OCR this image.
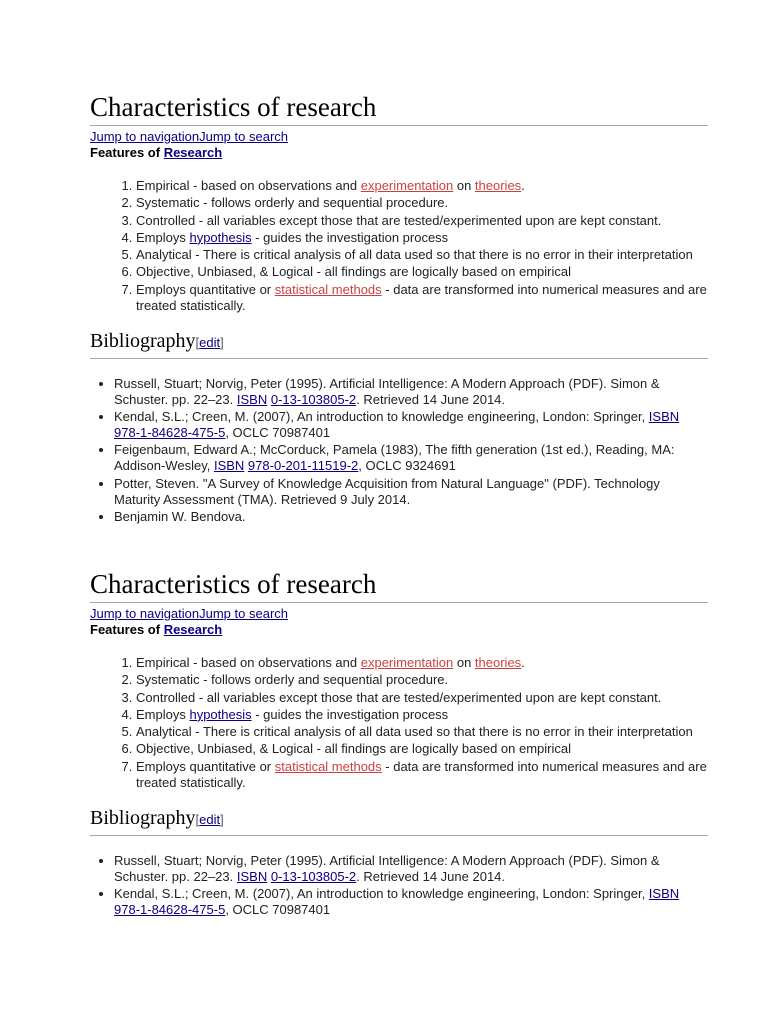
Characteristics of research
Jump to navigationJump to search
Features of Research
1. Empirical - based on observations and experimentation on theories.
2. Systematic - follows orderly and sequential procedure.
3. Controlled - all variables except those that are tested/experimented upon are kept constant.
4. Employs hypothesis - guides the investigation process
5. Analytical - There is critical analysis of all data used so that there is no error in their interpretation
6. Objective, Unbiased, & Logical - all findings are logically based on empirical
7. Employs quantitative or statistical methods - data are transformed into numerical measures and are treated statistically.
Bibliography[edit]
• Russell, Stuart; Norvig, Peter (1995). Artificial Intelligence: A Modern Approach (PDF). Simon & Schuster. pp. 22–23. ISBN 0-13-103805-2. Retrieved 14 June 2014.
• Kendal, S.L.; Creen, M. (2007), An introduction to knowledge engineering, London: Springer, ISBN 978-1-84628-475-5, OCLC 70987401
• Feigenbaum, Edward A.; McCorduck, Pamela (1983), The fifth generation (1st ed.), Reading, MA: Addison-Wesley, ISBN 978-0-201-11519-2, OCLC 9324691
• Potter, Steven. "A Survey of Knowledge Acquisition from Natural Language" (PDF). Technology Maturity Assessment (TMA). Retrieved 9 July 2014.
• Benjamin W. Bendova.
Characteristics of research
Jump to navigationJump to search
Features of Research
1. Empirical - based on observations and experimentation on theories.
2. Systematic - follows orderly and sequential procedure.
3. Controlled - all variables except those that are tested/experimented upon are kept constant.
4. Employs hypothesis - guides the investigation process
5. Analytical - There is critical analysis of all data used so that there is no error in their interpretation
6. Objective, Unbiased, & Logical - all findings are logically based on empirical
7. Employs quantitative or statistical methods - data are transformed into numerical measures and are treated statistically.
Bibliography[edit]
• Russell, Stuart; Norvig, Peter (1995). Artificial Intelligence: A Modern Approach (PDF). Simon & Schuster. pp. 22–23. ISBN 0-13-103805-2. Retrieved 14 June 2014.
• Kendal, S.L.; Creen, M. (2007), An introduction to knowledge engineering, London: Springer, ISBN 978-1-84628-475-5, OCLC 70987401
